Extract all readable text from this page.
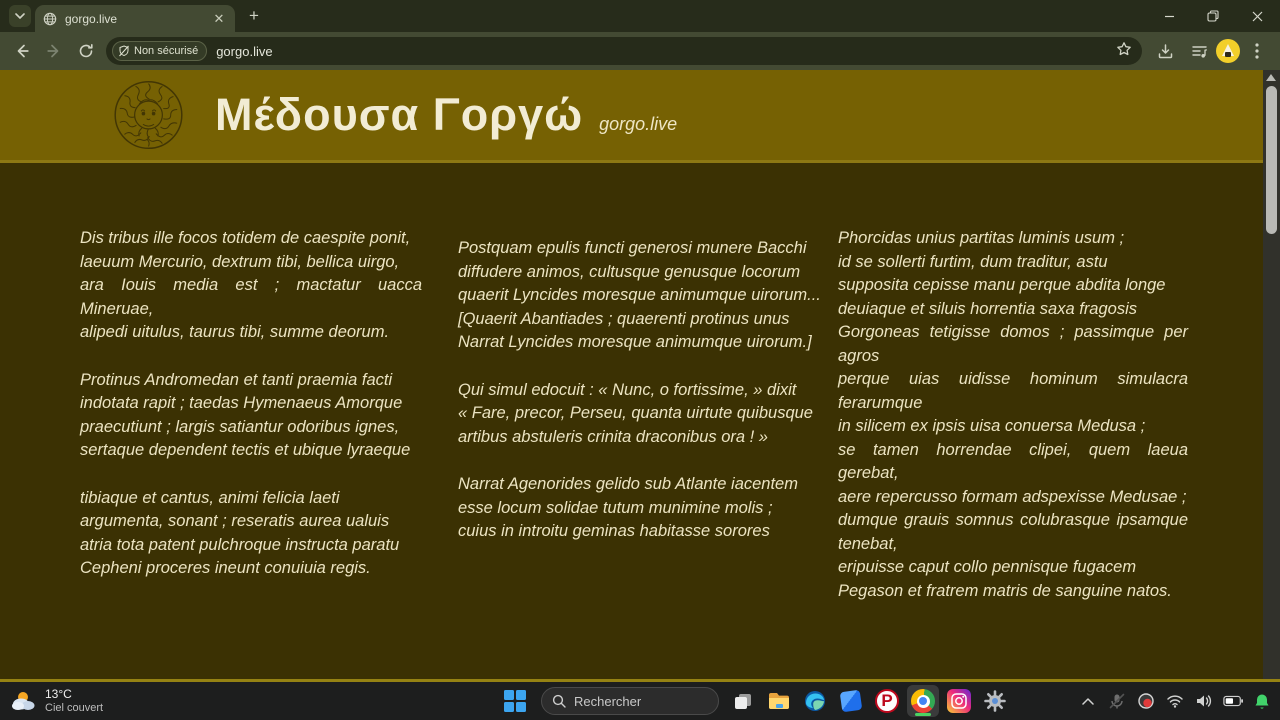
gorgo.live	✕	+
Non sécurisé gorgo.live
Μέδουσα Γοργώ gorgo.live
Dis tribus ille focos totidem de caespite ponit,
laeuum Mercurio, dextrum tibi, bellica uirgo,
ara Iouis media est ; mactatur uacca Mineruae,
alipedi uitulus, taurus tibi, summe deorum.
Protinus Andromedan et tanti praemia facti
indotata rapit ; taedas Hymenaeus Amorque
praecutiunt ; largis satiantur odoribus ignes,
sertaque dependent tectis et ubique lyraeque
tibiaque et cantus, animi felicia laeti
argumenta, sonant ; reseratis aurea ualuis
atria tota patent pulchroque instructa paratu
Cepheni proceres ineunt conuiuia regis.
Postquam epulis functi generosi munere Bacchi
diffudere animos, cultusque genusque locorum
quaerit Lyncides moresque animumque uirorum...
[Quaerit Abantiades ; quaerenti protinus unus
Narrat Lyncides moresque animumque uirorum.]
Qui simul edocuit : « Nunc, o fortissime, » dixit
« Fare, precor, Perseu, quanta uirtute quibusque
artibus abstuleris crinita draconibus ora ! »
Narrat Agenorides gelido sub Atlante iacentem
esse locum solidae tutum munimine molis ;
cuius in introitu geminas habitasse sorores
Phorcidas unius partitas luminis usum ;
id se sollerti furtim, dum traditur, astu
supposita cepisse manu perque abdita longe
deuiaque et siluis horrentia saxa fragosis
Gorgoneas tetigisse domos ; passimque per agros
perque uias uidisse hominum simulacra ferarumque
in silicem ex ipsis uisa conuersa Medusa ;
se tamen horrendae clipei, quem laeua gerebat,
aere repercusso formam adspexisse Medusae ;
dumque grauis somnus colubrasque ipsamque tenebat,
eripuisse caput collo pennisque fugacem
Pegason et fratrem matris de sanguine natos.
13°C
Ciel couvert	Rechercher	P
